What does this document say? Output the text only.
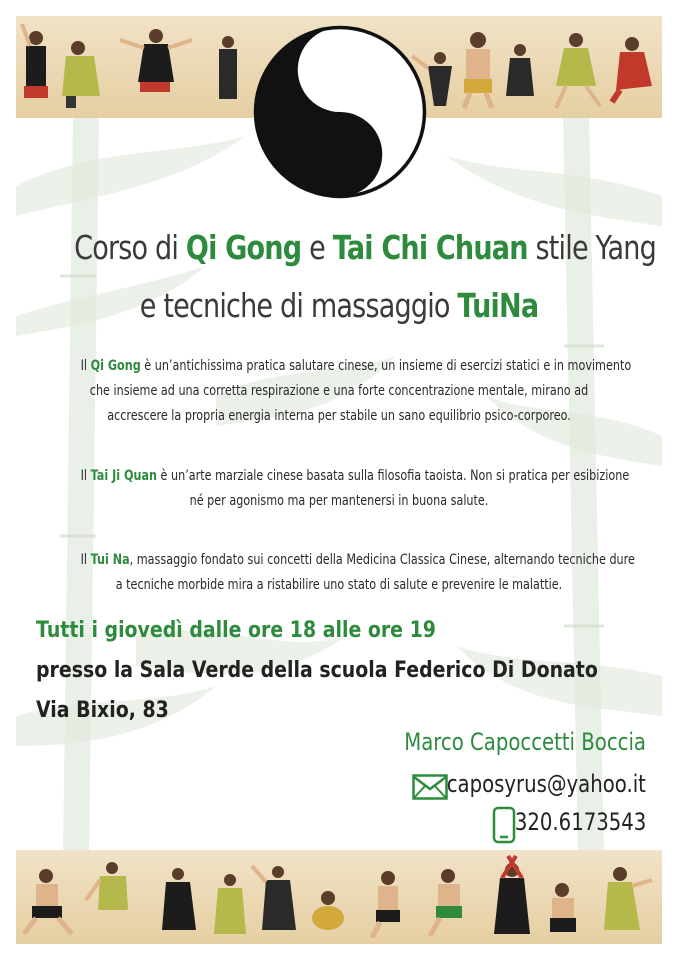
Corso di Qi Gong e Tai Chi Chuan stile Yang
e tecniche di massaggio TuiNa
Il Qi Gong è un’antichissima pratica salutare cinese, un insieme di esercizi statici e in movimento
che insieme ad una corretta respirazione e una forte concentrazione mentale, mirano ad
accrescere la propria energia interna per stabile un sano equilibrio psico-corporeo.
Il Tai Ji Quan è un’arte marziale cinese basata sulla filosofia taoista. Non si pratica per esibizione
né per agonismo ma per mantenersi in buona salute.
Il Tui Na, massaggio fondato sui concetti della Medicina Classica Cinese, alternando tecniche dure
a tecniche morbide mira a ristabilire uno stato di salute e prevenire le malattie.
Tutti i giovedì dalle ore 18 alle ore 19
presso la Sala Verde della scuola Federico Di Donato
Via Bixio, 83
Marco Capoccetti Boccia
caposyrus@yahoo.it
320.6173543
